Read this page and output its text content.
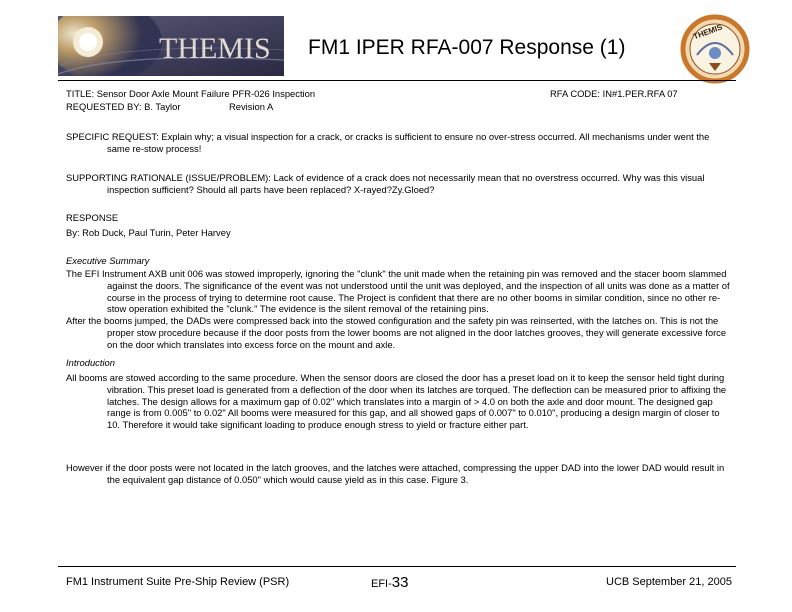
THEMIS FM1 IPER RFA-007 Response (1)
THEMIS
TITLE: Sensor Door Axle Mount Failure PFR-026 Inspection	RFA CODE: IN#1.PER.RFA 07
REQUESTED BY: B. Taylor	Revision A

SPECIFIC REQUEST: Explain why; a visual inspection for a crack, or cracks is sufficient to ensure no over-stress occurred. All mechanisms under went the same re-stow process!

SUPPORTING RATIONALE (ISSUE/PROBLEM): Lack of evidence of a crack does not necessarily mean that no overstress occurred. Why was this visual inspection sufficient? Should all parts have been replaced? X-rayed?Zy.Gloed?

RESPONSE
By: Rob Duck, Paul Turin, Peter Harvey
Executive Summary

The EFI Instrument AXB unit 006 was stowed improperly, ignoring the "clunk" the unit made when the retaining pin was removed and the stacer boom slammed against the doors. The significance of the event was not understood until the unit was deployed, and the inspection of all units was done as a matter of course in the process of trying to determine root cause. The Project is confident that there are no other booms in similar condition, since no other re-stow operation exhibited the "clunk." The evidence is the silent removal of the retaining pins.

After the booms jumped, the DADs were compressed back into the stowed configuration and the safety pin was reinserted, with the latches on. This is not the proper stow procedure because if the door posts from the lower booms are not aligned in the door latches grooves, they will generate excessive force on the door which translates into excess force on the mount and axle.

Introduction

All booms are stowed according to the same procedure. When the sensor doors are closed the door has a preset load on it to keep the sensor held tight during vibration. This preset load is generated from a deflection of the door when its latches are torqued. The deflection can be measured prior to affixing the latches. The design allows for a maximum gap of 0.02" which translates into a margin of > 4.0 on both the axle and door mount. The designed gap range is from 0.005" to 0.02" All booms were measured for this gap, and all showed gaps of 0.007" to 0.010", producing a design margin of closer to 10. Therefore it would take significant loading to produce enough stress to yield or fracture either part.

However if the door posts were not located in the latch grooves, and the latches were attached, compressing the upper DAD into the lower DAD would result in the equivalent gap distance of 0.050" which would cause yield as in this case. Figure 3.

FM1 Instrument Suite Pre-Ship Review (PSR)	EFI-33	UCB September 21, 2005
